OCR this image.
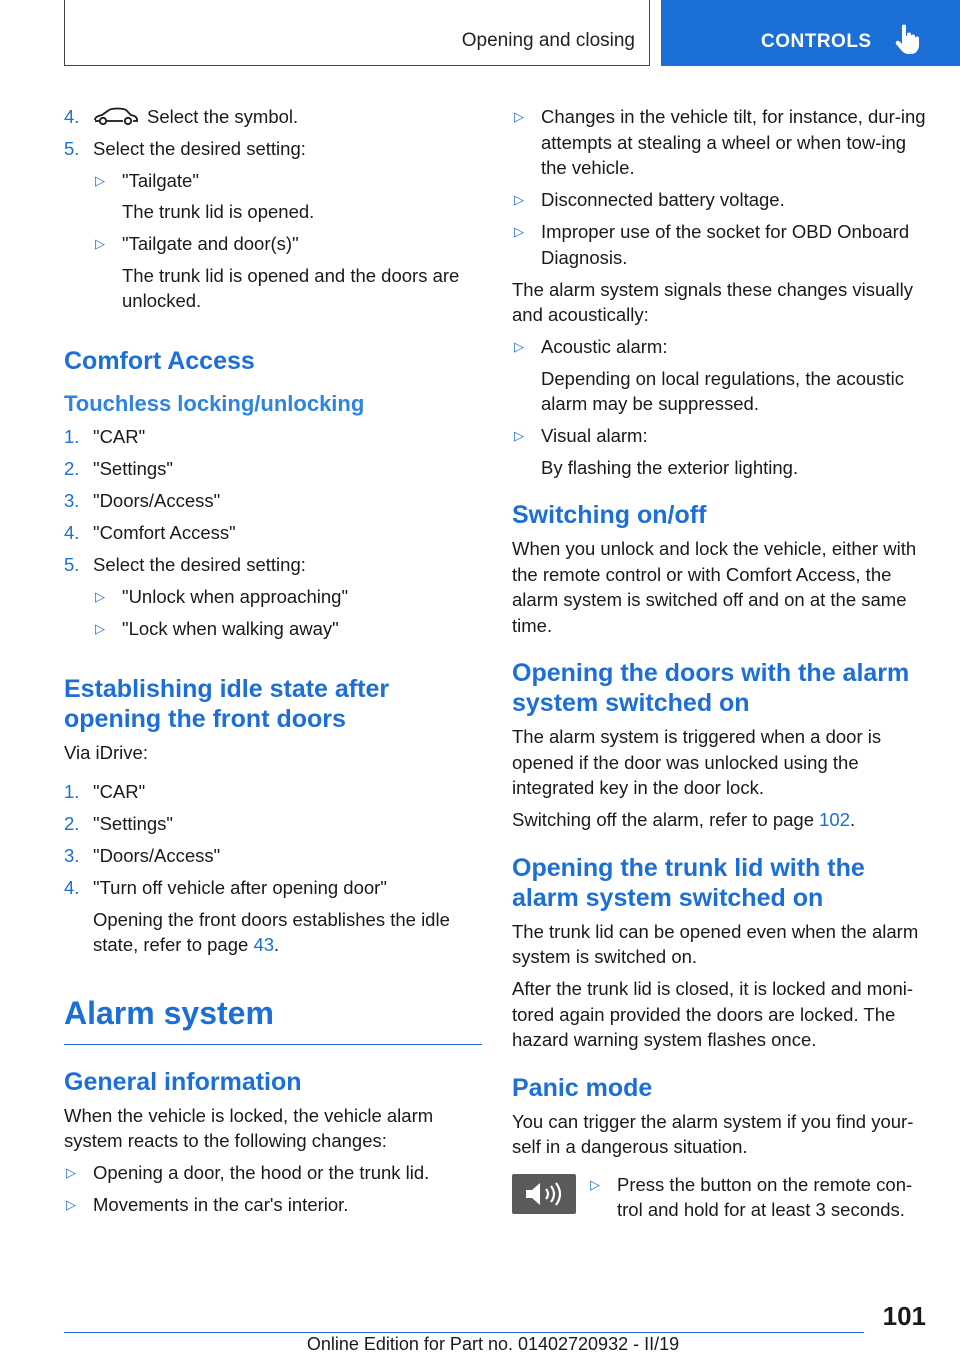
Opening and closing	CONTROLS
4.	Select the symbol.
5. Select the desired setting:
▷

"Tailgate"

The trunk lid is opened.

▷

"Tailgate and door(s)"

The trunk lid is opened and the doors are unlocked.

Comfort Access
Touchless locking/unlocking
1. "CAR"
2. "Settings"
3. "Doors/Access"
4. "Comfort Access"
5. Select the desired setting:
▷
"Unlock when approaching"
▷
"Lock when walking away"
Establishing idle state after opening the front doors

Via iDrive:

1. "CAR"
2. "Settings"
3. "Doors/Access"
4. "Turn off vehicle after opening door"

Opening the front doors establishes the idle state, refer to page 43.

Alarm system
General information

When the vehicle is locked, the vehicle alarm system reacts to the following changes:

▷
Opening a door, the hood or the trunk lid.
▷
Movements in the car's interior.
▷
Changes in the vehicle tilt, for instance, dur-ing attempts at stealing a wheel or when tow-ing the vehicle.
▷
Disconnected battery voltage.
▷
Improper use of the socket for OBD Onboard Diagnosis.

The alarm system signals these changes visually and acoustically:

▷

Acoustic alarm:

Depending on local regulations, the acoustic alarm may be suppressed.

▷

Visual alarm:

By flashing the exterior lighting.

Switching on/off

When you unlock and lock the vehicle, either with the remote control or with Comfort Access, the alarm system is switched off and on at the same time.

Opening the doors with the alarm system switched on

The alarm system is triggered when a door is opened if the door was unlocked using the integrated key in the door lock.

Switching off the alarm, refer to page 102.

Opening the trunk lid with the alarm system switched on

The trunk lid can be opened even when the alarm system is switched on.

After the trunk lid is closed, it is locked and moni-tored again provided the doors are locked. The hazard warning system flashes once.

Panic mode

You can trigger the alarm system if you find your-self in a dangerous situation.

▷
Press the button on the remote con-trol and hold for at least 3 seconds.
101
Online Edition for Part no. 01402720932 - II/19
